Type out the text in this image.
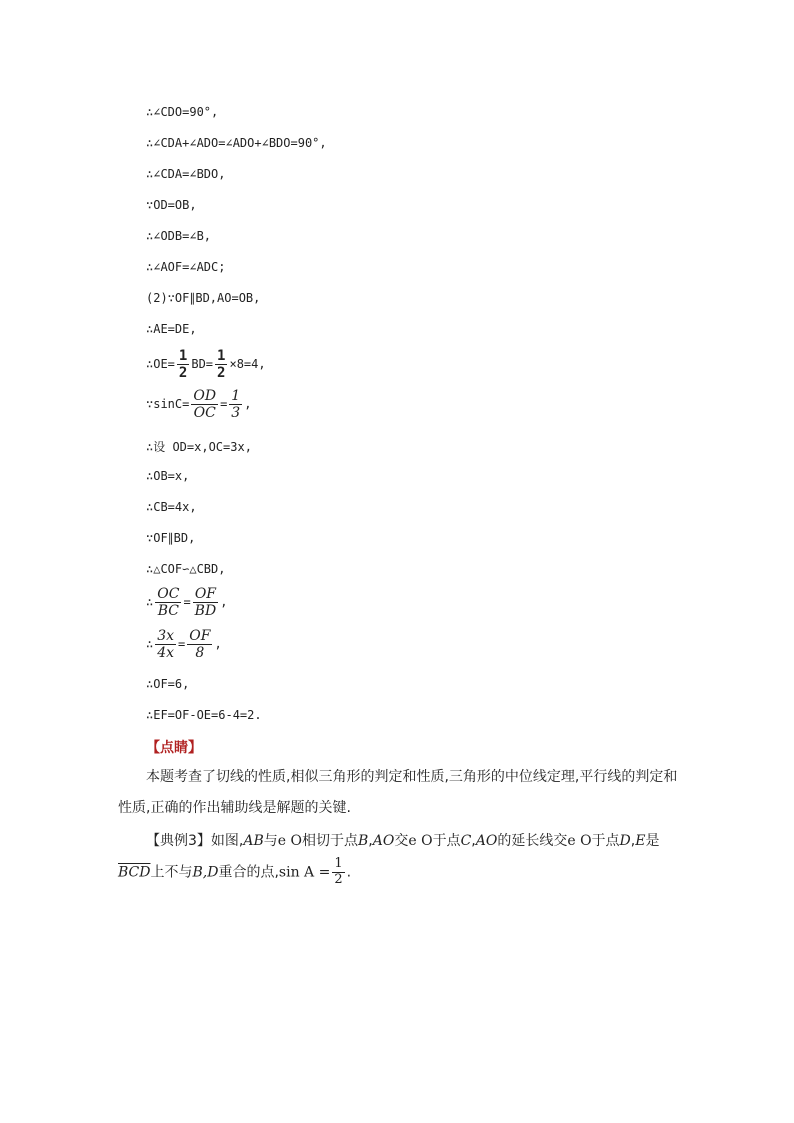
∴∠CDO=90°,
∴∠CDA+∠ADO=∠ADO+∠BDO=90°,
∴∠CDA=∠BDO,
∵OD=OB,
∴∠ODB=∠B,
∴∠AOF=∠ADC;
(2)∵OF∥BD,AO=OB,
∴AE=DE,
∴OE= $\frac{1}{2} BD= \frac{1}{2} \times 8=4$,
∵sinC= $\frac{OD}{OC} = \frac{1}{3}$ ,
∴设 OD=x,OC=3x,
∴OB=x,
∴CB=4x,
∵OF∥BD,
∴△COF∽△CBD,
∴ $\frac{OC}{BC} = \frac{OF}{BD}$ ,
∴ $\frac{3x}{4x} = \frac{OF}{8}$ ,
∴OF=6,
∴EF=OF-OE=6-4=2.
【点睛】
本题考查了切线的性质,相似三角形的判定和性质,三角形的中位线定理,平行线的判定和性质,正确的作出辅助线是解题的关键.
【典例3】如图,AB与e O相切于点B,AO交e O于点C,AO的延长线交e O于点D,E是$\overline{BCD}$上不与B,D重合的点,sin $A = \frac{1}{2}$ .
